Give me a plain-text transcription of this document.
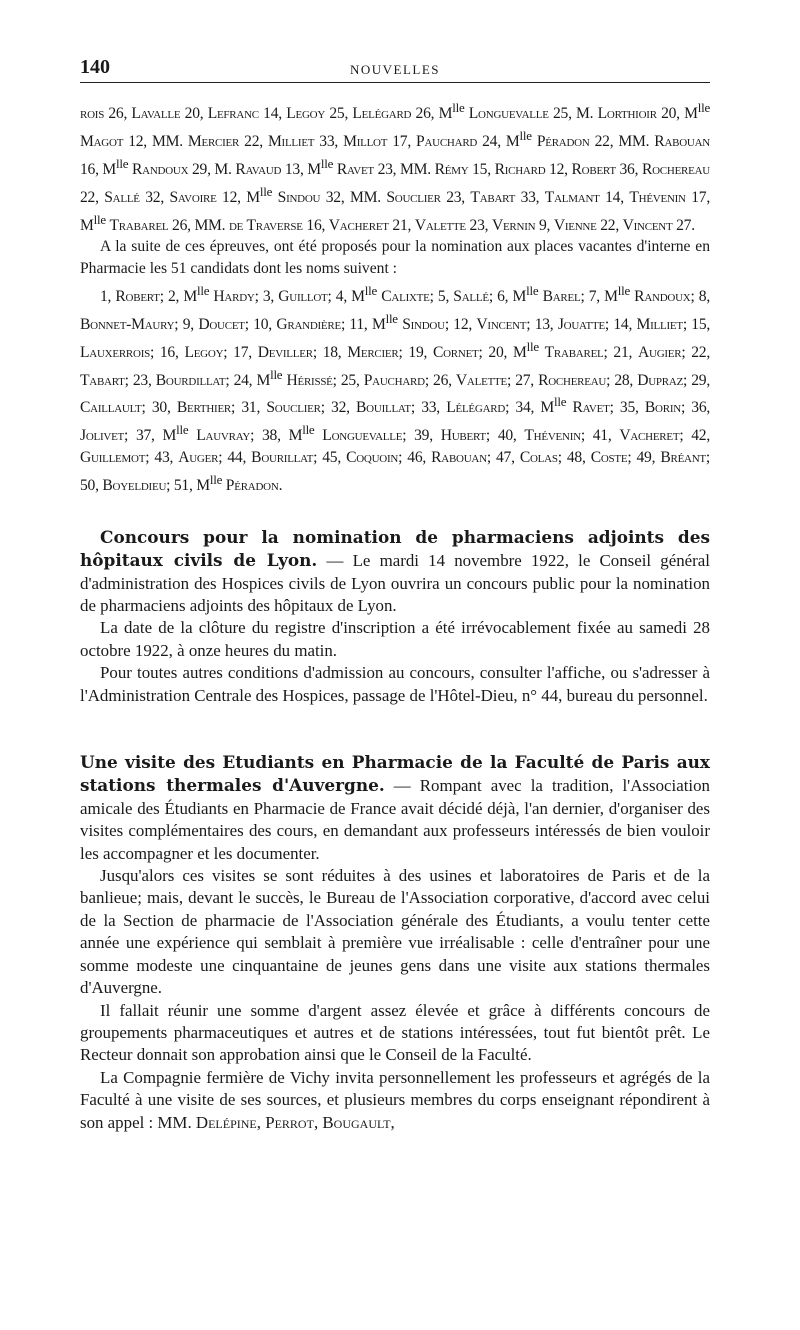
140	NOUVELLES

rois 26, Lavalle 20, Lefranc 14, Legoy 25, Lelégard 26, $M^{lle}$ Longuevalle 25, M. Lorthioir 20, $M^{lle}$ Magot 12, MM. Mercier 22, Milliet 33, Millot 17, Pauchard 24, $M^{lle}$ Péradon 22, MM. Rabouan 16, $M^{lle}$ Randoux 29, M. Ravaud 13, $M^{lle}$ Ravet 23, MM. Rémy 15, Richard 12, Robert 36, Rochereau 22, Sallé 32, Savoire 12, $M^{lle}$ Sindou 32, MM. Souclier 23, Tabart 33, Talmant 14, Thévenin 17, $M^{lle}$ Trabarel 26, MM. de Traverse 16, Vacheret 21, Valette 23, Vernin 9, Vienne 22, Vincent 27.

A la suite de ces épreuves, ont été proposés pour la nomination aux places vacantes d'interne en Pharmacie les 51 candidats dont les noms suivent :

1, Robert; 2, $M^{lle}$ Hardy; 3, Guillot; 4, $M^{lle}$ Calixte; 5, Sallé; 6, $M^{lle}$ Barel; 7, $M^{lle}$ Randoux; 8, Bonnet-Maury; 9, Doucet; 10, Grandière; 11, $M^{lle}$ Sindou; 12, Vincent; 13, Jouatte; 14, Milliet; 15, Lauxerrois; 16, Legoy; 17, Deviller; 18, Mercier; 19, Cornet; 20, $M^{lle}$ Trabarel; 21, Augier; 22, Tabart; 23, Bourdillat; 24, $M^{lle}$ Hérissé; 25, Pauchard; 26, Valette; 27, Rochereau; 28, Dupraz; 29, Caillault; 30, Berthier; 31, Souclier; 32, Bouillat; 33, Lélégard; 34, $M^{lle}$ Ravet; 35, Borin; 36, Jolivet; 37, $M^{lle}$ Lauvray; 38, $M^{lle}$ Longuevalle; 39, Hubert; 40, Thévenin; 41, Vacheret; 42, Guillemot; 43, Auger; 44, Bourillat; 45, Coquoin; 46, Rabouan; 47, Colas; 48, Coste; 49, Bréant; 50, Boyeldieu; 51, $M^{lle}$ Péradon.

Concours pour la nomination de pharmaciens adjoints des hôpitaux civils de Lyon. — Le mardi 14 novembre 1922, le Conseil général d'administration des Hospices civils de Lyon ouvrira un concours public pour la nomination de pharmaciens adjoints des hôpitaux de Lyon.

La date de la clôture du registre d'inscription a été irrévocablement fixée au samedi 28 octobre 1922, à onze heures du matin.

Pour toutes autres conditions d'admission au concours, consulter l'affiche, ou s'adresser à l'Administration Centrale des Hospices, passage de l'Hôtel-Dieu, n° 44, bureau du personnel.

Une visite des Etudiants en Pharmacie de la Faculté de Paris aux stations thermales d'Auvergne. — Rompant avec la tradition, l'Association amicale des Étudiants en Pharmacie de France avait décidé déjà, l'an dernier, d'organiser des visites complémentaires des cours, en demandant aux professeurs intéressés de bien vouloir les accompagner et les documenter.

Jusqu'alors ces visites se sont réduites à des usines et laboratoires de Paris et de la banlieue; mais, devant le succès, le Bureau de l'Association corporative, d'accord avec celui de la Section de pharmacie de l'Association générale des Étudiants, a voulu tenter cette année une expérience qui semblait à première vue irréalisable : celle d'entraîner pour une somme modeste une cinquantaine de jeunes gens dans une visite aux stations thermales d'Auvergne.

Il fallait réunir une somme d'argent assez élevée et grâce à différents concours de groupements pharmaceutiques et autres et de stations intéressées, tout fut bientôt prêt. Le Recteur donnait son approbation ainsi que le Conseil de la Faculté.

La Compagnie fermière de Vichy invita personnellement les professeurs et agrégés de la Faculté à une visite de ses sources, et plusieurs membres du corps enseignant répondirent à son appel : MM. Delépine, Perrot, Bougault,
